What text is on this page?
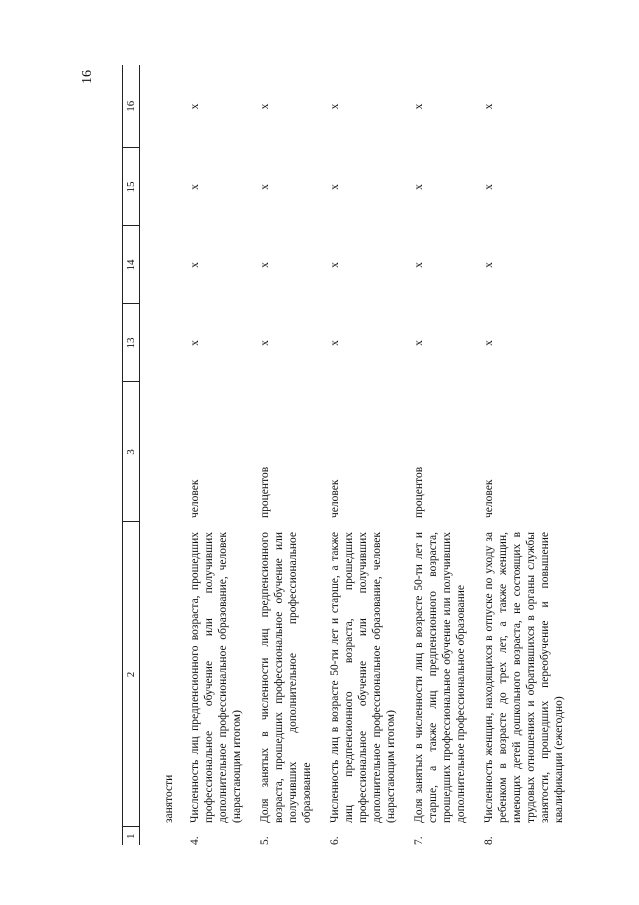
16
1	2	3	13	14	15	16
	занятости					
4.	Численность лиц предпенсионного возраста, прошедших профессиональное обучение или получивших дополнительное профессиональное образование, человек (нарастающим итогом)	человек	x	x	x	x
5.	Доля занятых в численности лиц предпенсионного возраста, прошедших профессиональное обучение или получивших дополнительное профессиональное образование	процентов	x	x	x	x
6.	Численность лиц в возрасте 50-ти лет и старше, а также лиц предпенсионного возраста, прошедших профессиональное обучение или получивших дополнительное профессиональное образование, человек (нарастающим итогом)	человек	x	x	x	x
7.	Доля занятых в численности лиц в возрасте 50-ти лет и старше, а также лиц предпенсионного возраста, прошедших профессиональное обучение или получивших дополнительное профессиональное образование	процентов	x	x	x	x
8.	Численность женщин, находящихся в отпуске по уходу за ребенком в возрасте до трех лет, а также женщин, имеющих детей дошкольного возраста, не состоящих в трудовых отношениях и обратившихся в органы службы занятости, прошедших переобучение и повышение квалификации (ежегодно)	человек	x	x	x	x
